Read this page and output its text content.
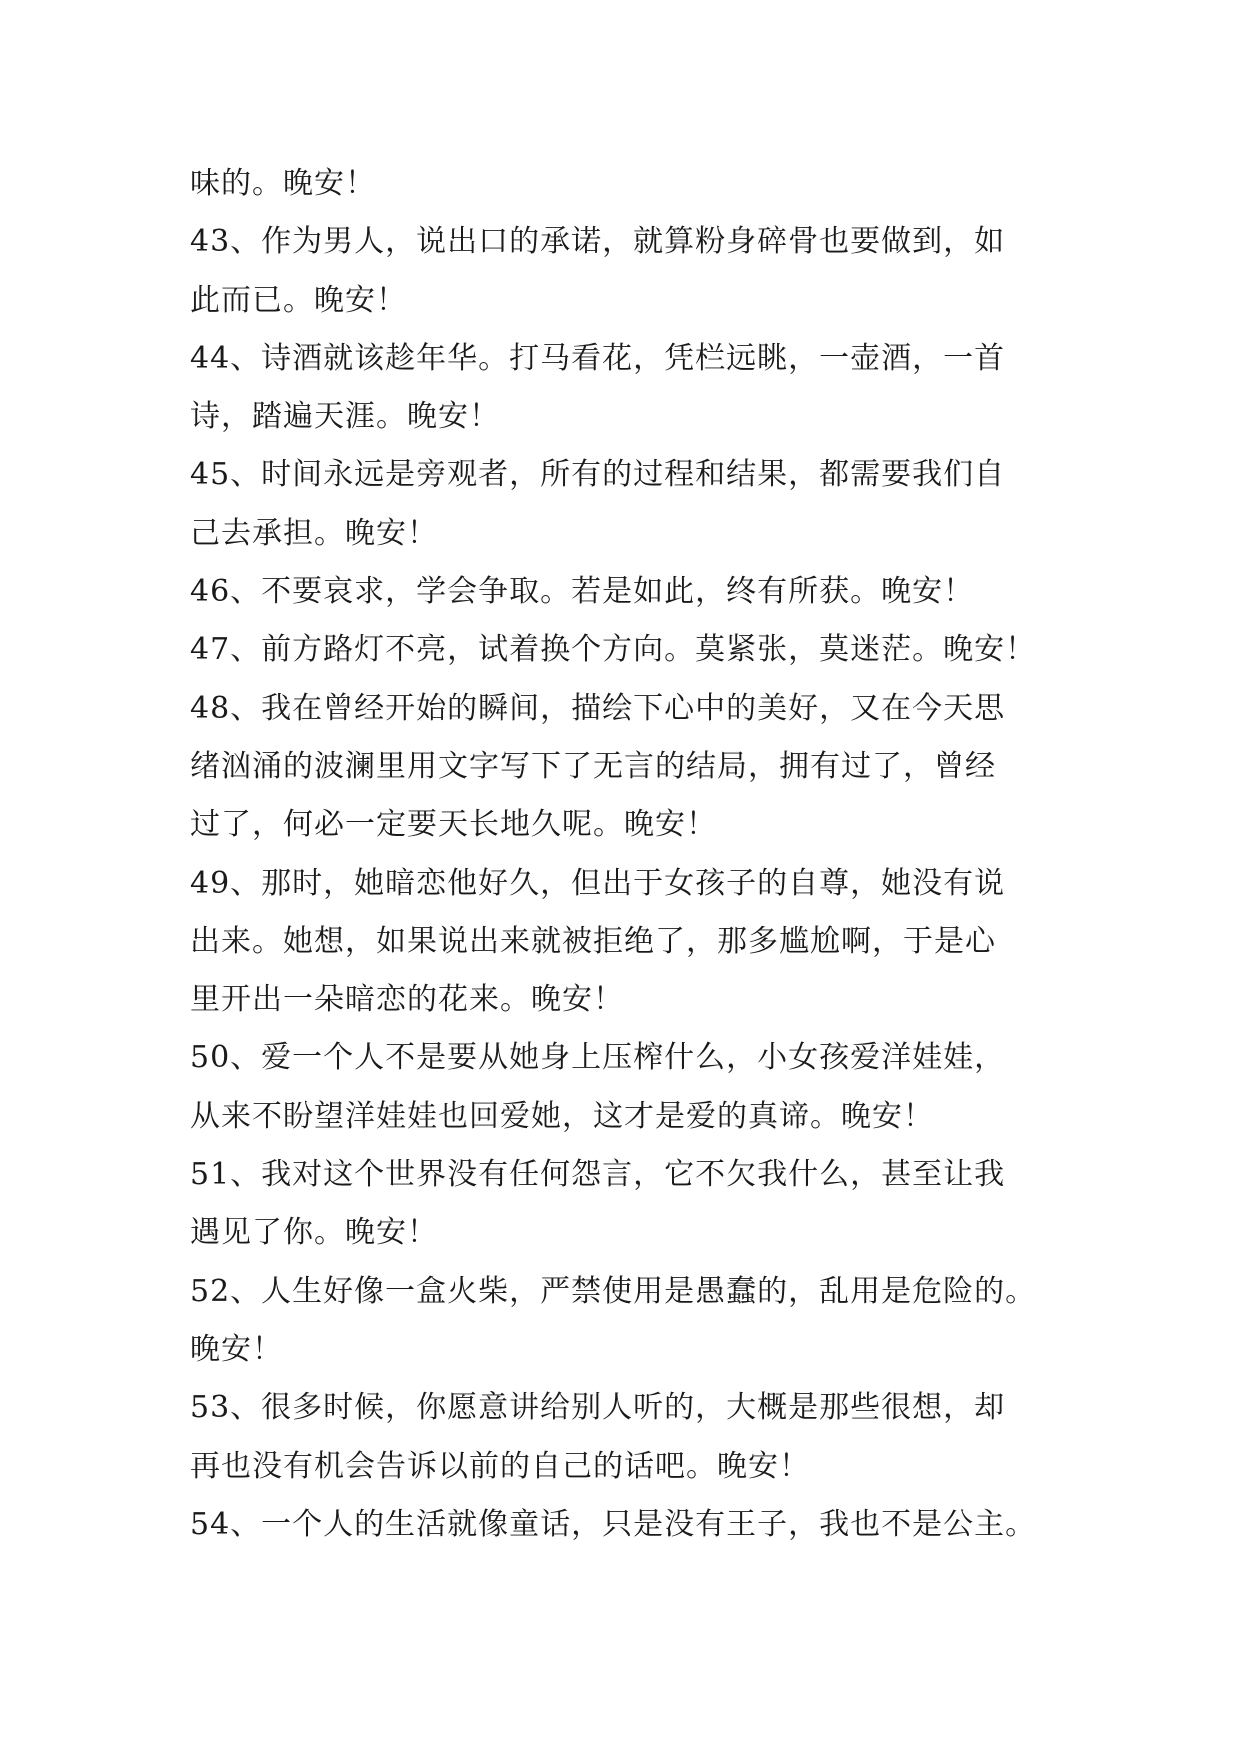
味的。晚安！
43、作为男人，说出口的承诺，就算粉身碎骨也要做到，如
此而已。晚安！
44、诗酒就该趁年华。打马看花，凭栏远眺，一壶酒，一首
诗，踏遍天涯。晚安！
45、时间永远是旁观者，所有的过程和结果，都需要我们自
己去承担。晚安！
46、不要哀求，学会争取。若是如此，终有所获。晚安！
47、前方路灯不亮，试着换个方向。莫紧张，莫迷茫。晚安！
48、我在曾经开始的瞬间，描绘下心中的美好，又在今天思
绪汹涌的波澜里用文字写下了无言的结局，拥有过了，曾经
过了，何必一定要天长地久呢。晚安！
49、那时，她暗恋他好久，但出于女孩子的自尊，她没有说
出来。她想，如果说出来就被拒绝了，那多尴尬啊，于是心
里开出一朵暗恋的花来。晚安！
50、爱一个人不是要从她身上压榨什么，小女孩爱洋娃娃，
从来不盼望洋娃娃也回爱她，这才是爱的真谛。晚安！
51、我对这个世界没有任何怨言，它不欠我什么，甚至让我
遇见了你。晚安！
52、人生好像一盒火柴，严禁使用是愚蠢的，乱用是危险的。
晚安！
53、很多时候，你愿意讲给别人听的，大概是那些很想，却
再也没有机会告诉以前的自己的话吧。晚安！
54、一个人的生活就像童话，只是没有王子，我也不是公主。
